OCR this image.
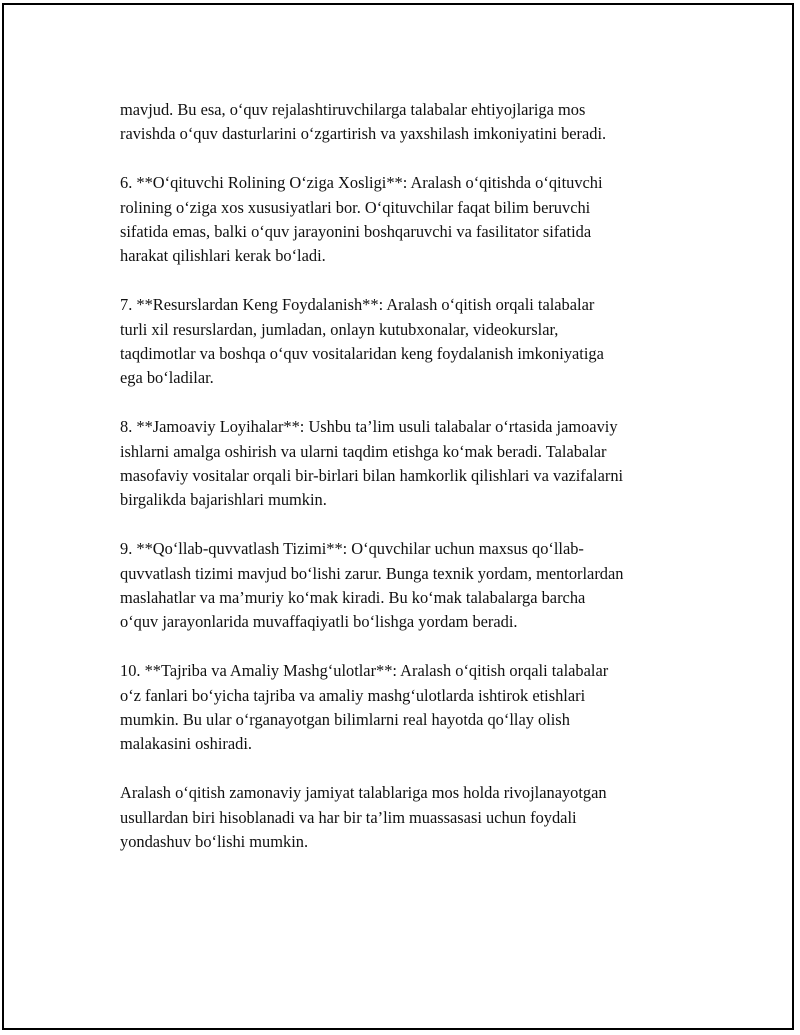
mavjud. Bu esa, o‘quv rejalashtiruvchilarga talabalar ehtiyojlariga mos
ravishda o‘quv dasturlarini o‘zgartirish va yaxshilash imkoniyatini beradi.

6. **O‘qituvchi Rolining O‘ziga Xosligi**: Aralash o‘qitishda o‘qituvchi
rolining o‘ziga xos xususiyatlari bor. O‘qituvchilar faqat bilim beruvchi
sifatida emas, balki o‘quv jarayonini boshqaruvchi va fasilitator sifatida
harakat qilishlari kerak bo‘ladi.

7. **Resurslardan Keng Foydalanish**: Aralash o‘qitish orqali talabalar
turli xil resurslardan, jumladan, onlayn kutubxonalar, videokurslar,
taqdimotlar va boshqa o‘quv vositalaridan keng foydalanish imkoniyatiga
ega bo‘ladilar.

8. **Jamoaviy Loyihalar**: Ushbu ta’lim usuli talabalar o‘rtasida jamoaviy
ishlarni amalga oshirish va ularni taqdim etishga ko‘mak beradi. Talabalar
masofaviy vositalar orqali bir-birlari bilan hamkorlik qilishlari va vazifalarni
birgalikda bajarishlari mumkin.

9. **Qo‘llab-quvvatlash Tizimi**: O‘quvchilar uchun maxsus qo‘llab-
quvvatlash tizimi mavjud bo‘lishi zarur. Bunga texnik yordam, mentorlardan
maslahatlar va ma’muriy ko‘mak kiradi. Bu ko‘mak talabalarga barcha
o‘quv jarayonlarida muvaffaqiyatli bo‘lishga yordam beradi.

10. **Tajriba va Amaliy Mashg‘ulotlar**: Aralash o‘qitish orqali talabalar
o‘z fanlari bo‘yicha tajriba va amaliy mashg‘ulotlarda ishtirok etishlari
mumkin. Bu ular o‘rganayotgan bilimlarni real hayotda qo‘llay olish
malakasini oshiradi.

Aralash o‘qitish zamonaviy jamiyat talablariga mos holda rivojlanayotgan
usullardan biri hisoblanadi va har bir ta’lim muassasasi uchun foydali
yondashuv bo‘lishi mumkin.
